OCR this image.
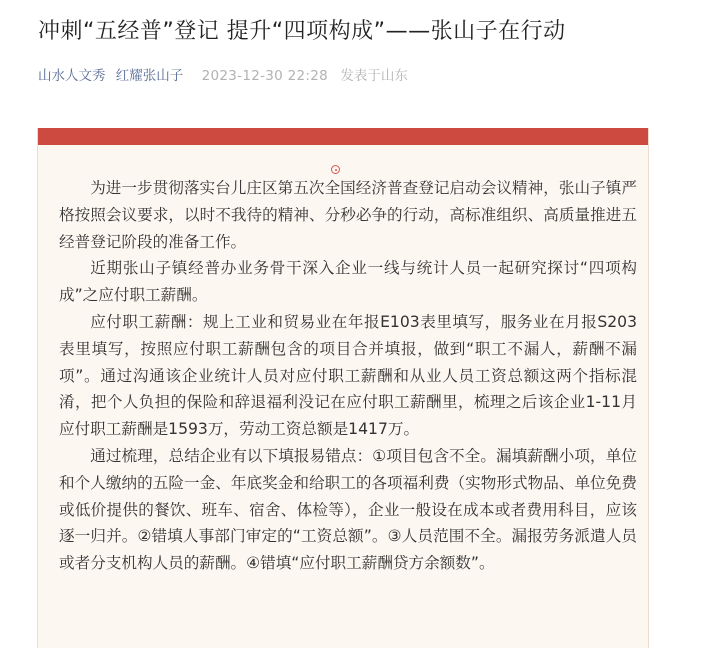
冲刺“五经普”登记 提升“四项构成”——张山子在行动
山水人文秀 红耀张山子 2023-12-30 22:28 发表于山东

为进一步贯彻落实台儿庄区第五次全国经济普查登记启动会议精神，张山子镇严格按照会议要求，以时不我待的精神、分秒必争的行动，高标准组织、高质量推进五经普登记阶段的准备工作。

近期张山子镇经普办业务骨干深入企业一线与统计人员一起研究探讨“四项构成”之应付职工薪酬。

应付职工薪酬：规上工业和贸易业在年报E103表里填写，服务业在月报S203表里填写，按照应付职工薪酬包含的项目合并填报，做到“职工不漏人，薪酬不漏项”。通过沟通该企业统计人员对应付职工薪酬和从业人员工资总额这两个指标混淆，把个人负担的保险和辞退福利没记在应付职工薪酬里，梳理之后该企业1-11月应付职工薪酬是1593万，劳动工资总额是1417万。

通过梳理，总结企业有以下填报易错点：①项目包含不全。漏填薪酬小项，单位和个人缴纳的五险一金、年底奖金和给职工的各项福利费（实物形式物品、单位免费或低价提供的餐饮、班车、宿舍、体检等），企业一般设在成本或者费用科目，应该逐一归并。②错填人事部门审定的“工资总额”。③人员范围不全。漏报劳务派遣人员或者分支机构人员的薪酬。④错填“应付职工薪酬贷方余额数”。
